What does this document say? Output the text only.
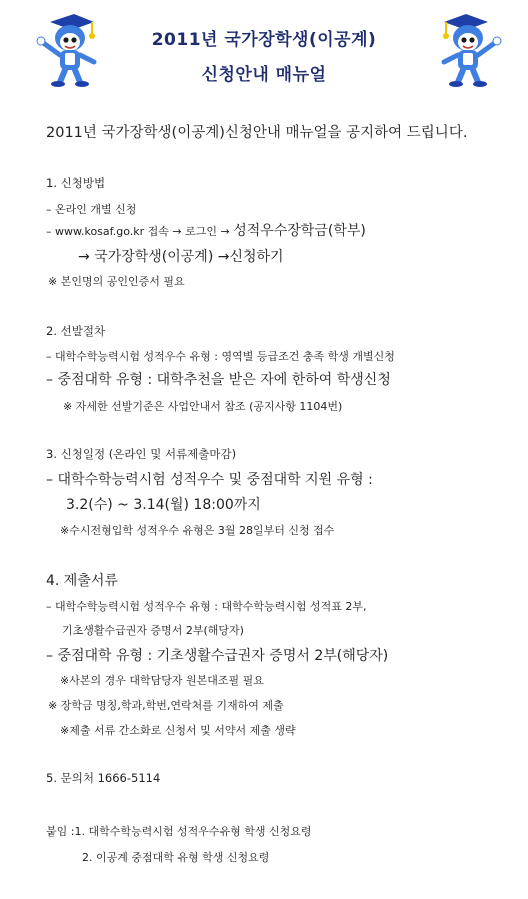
2011년 국가장학생(이공계)
신청안내 매뉴얼
2011년 국가장학생(이공계)신청안내 매뉴얼을 공지하여 드립니다.
1. 신청방법
– 온라인 개별 신청
– www.kosaf.go.kr 접속 → 로그인 → 성적우수장학금(학부)
→ 국가장학생(이공계) →신청하기
※ 본인명의 공인인증서 필요
2. 선발절차
– 대학수학능력시험 성적우수 유형 : 영역별 등급조건 충족 학생 개별신청
– 중점대학 유형 : 대학추천을 받은 자에 한하여 학생신청
※ 자세한 선발기준은 사업안내서 참조 (공지사항 1104번)
3. 신청일정 (온라인 및 서류제출마감)
– 대학수학능력시험 성적우수 및 중점대학 지원 유형 :
3.2(수) ~ 3.14(월) 18:00까지
※수시전형입학 성적우수 유형은 3월 28일부터 신청 접수
4. 제출서류
– 대학수학능력시험 성적우수 유형 : 대학수학능력시험 성적표 2부,
기초생활수급권자 증명서 2부(해당자)
– 중점대학 유형 : 기초생활수급권자 증명서 2부(해당자)
※사본의 경우 대학담당자 원본대조필 필요
※ 장학금 명칭,학과,학번,연락처를 기재하여 제출
※제출 서류 간소화로 신청서 및 서약서 제출 생략
5. 문의처 1666-5114
붙임 :1. 대학수학능력시험 성적우수유형 학생 신청요령
2. 이공계 중점대학 유형 학생 신청요령
